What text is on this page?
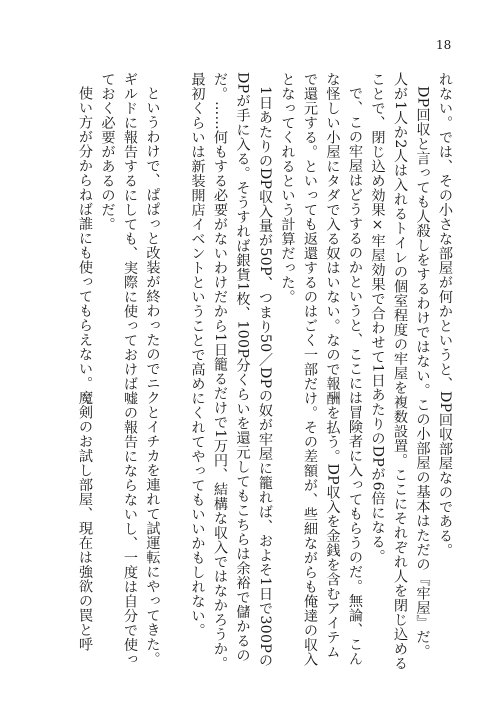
18

れない。では、その小さな部屋が何かというと、DP回収部屋なのである。

DP回収と言っても人殺しをするわけではない。この小部屋の基本はただの『牢屋』だ。人が1人か2人は入れるトイレの個室程度の牢屋を複数設置。ここにそれぞれ人を閉じ込めることで、閉じ込め効果×牢屋効果で合わせて1日あたりのDPが6倍になる。

で、この牢屋はどうするのかというと、ここには冒険者に入ってもらうのだ。無論、こんな怪しい小屋にタダで入る奴はいない。なので報酬を払う。DP収入を金銭を含むアイテムで還元する。といっても返還するのはごく一部だけ。その差額が、些細ながらも俺達の収入となってくれるという計算だった。

1日あたりのDP収入量が50P、つまり50／DPの奴が牢屋に籠れば、およそ1日で300PのDPが手に入る。そうすれば銀貨1枚、100P分くらいを還元してもこちらは余裕で儲かるのだ。……何もする必要がないわけだから1日籠るだけで1万円、結構な収入ではなかろうか。最初くらいは新装開店イベントということで高めにくれてやってもいいかもしれない。

というわけで、ぱぱっと改装が終わったのでニクとイチカを連れて試運転にやってきた。ギルドに報告するにしても、実際に使っておけば嘘の報告にならないし、一度は自分で使っておく必要があるのだ。

使い方が分からねば誰にも使ってもらえない。魔剣のお試し部屋、現在は強欲の罠と呼
